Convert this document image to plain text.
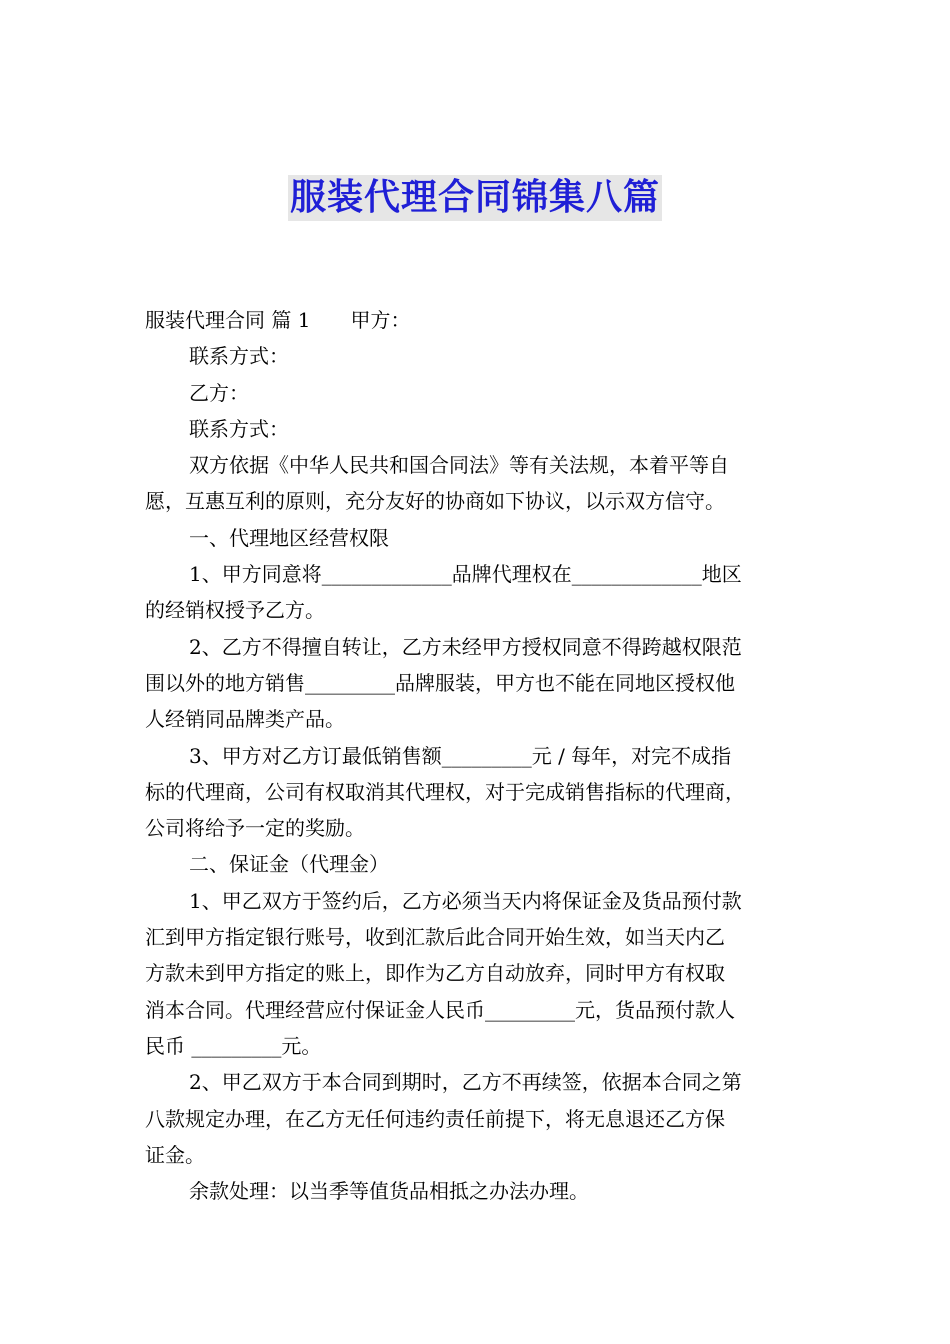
服装代理合同锦集八篇
服装代理合同 篇 1 甲方：
联系方式：
乙方：
联系方式：
双方依据《中华人民共和国合同法》等有关法规，本着平等自
愿，互惠互利的原则，充分友好的协商如下协议，以示双方信守。
一、代理地区经营权限
1、甲方同意将_____________品牌代理权在_____________地区
的经销权授予乙方。
2、乙方不得擅自转让，乙方未经甲方授权同意不得跨越权限范
围以外的地方销售_________品牌服装，甲方也不能在同地区授权他
人经销同品牌类产品。
3、甲方对乙方订最低销售额_________元 / 每年，对完不成指
标的代理商，公司有权取消其代理权，对于完成销售指标的代理商，
公司将给予一定的奖励。
二、保证金（代理金）
1、甲乙双方于签约后，乙方必须当天内将保证金及货品预付款
汇到甲方指定银行账号，收到汇款后此合同开始生效，如当天内乙
方款未到甲方指定的账上，即作为乙方自动放弃，同时甲方有权取
消本合同。代理经营应付保证金人民币_________元，货品预付款人
民币 _________元。
2、甲乙双方于本合同到期时，乙方不再续签，依据本合同之第
八款规定办理，在乙方无任何违约责任前提下，将无息退还乙方保
证金。
余款处理：以当季等值货品相抵之办法办理。
